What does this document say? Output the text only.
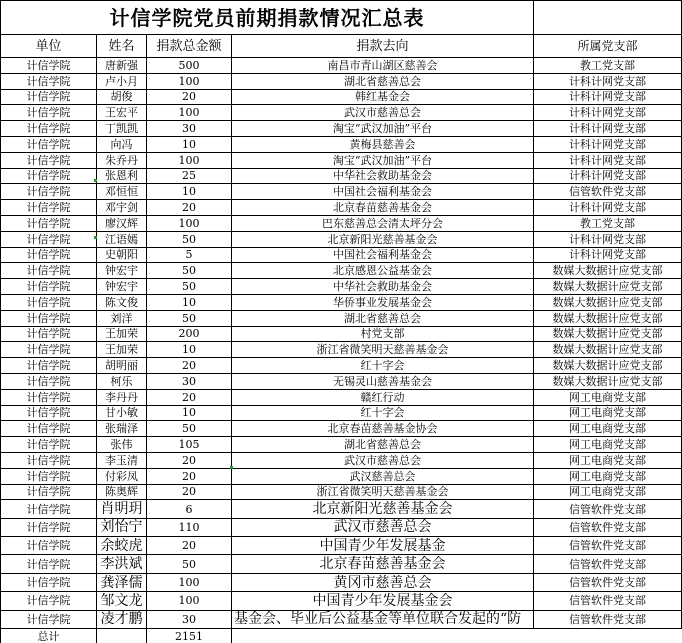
计信学院党员前期捐款情况汇总表				
单位	姓名	捐款总金额	捐款去向	所属党支部
计信学院	唐新强	500	南昌市青山湖区慈善会	教工党支部
计信学院	卢小月	100	湖北省慈善总会	计科计网党支部
计信学院	胡俊	20	韩红基金会	计科计网党支部
计信学院	王宏平	100	武汉市慈善总会	计科计网党支部
计信学院	丁凯凯	30	淘宝“武汉加油”平台	计科计网党支部
计信学院	向冯	10	黄梅县慈善会	计科计网党支部
计信学院	朱乔丹	100	淘宝“武汉加油”平台	计科计网党支部
计信学院	张恩利	25	中华社会救助基金会	计科计网党支部
计信学院	邓恒恒	10	中国社会福利基金会	信管软件党支部
计信学院	邓宇剑	20	北京春苗慈善基金会	计科计网党支部
计信学院	廖汉辉	100	巴东慈善总会清太坪分会	教工党支部
计信学院	江语嫣	50	北京新阳光慈善基金会	计科计网党支部
计信学院	史朝阳	5	中国社会福利基金会	计科计网党支部
计信学院	钟宏宇	50	北京感恩公益基金会	数媒大数据计应党支部
计信学院	钟宏宇	50	中华社会救助基金会	数媒大数据计应党支部
计信学院	陈文俊	10	华侨事业发展基金会	数媒大数据计应党支部
计信学院	刘洋	50	湖北省慈善总会	数媒大数据计应党支部
计信学院	王加荣	200	村党支部	数媒大数据计应党支部
计信学院	王加荣	10	浙江省微笑明天慈善基金会	数媒大数据计应党支部
计信学院	胡明丽	20	红十字会	数媒大数据计应党支部
计信学院	柯乐	30	无锡灵山慈善基金会	数媒大数据计应党支部
计信学院	李丹丹	20	赣红行动	网工电商党支部
计信学院	甘小敏	10	红十字会	网工电商党支部
计信学院	张瑞泽	50	北京春苗慈善基金协会	网工电商党支部
计信学院	张伟	105	湖北省慈善总会	网工电商党支部
计信学院	李玉清	20	武汉市慈善总会	网工电商党支部
计信学院	付彩凤	20	武汉慈善总会	网工电商党支部
计信学院	陈奥辉	20	浙江省微笑明天慈善基金会	网工电商党支部
计信学院	肖明玥	6	北京新阳光慈善基金会	信管软件党支部
计信学院	刘怡宁	110	武汉市慈善总会	信管软件党支部
计信学院	余蛟虎	20	中国青少年发展基金	信管软件党支部
计信学院	李洪斌	50	北京春苗慈善基金会	信管软件党支部
计信学院	龚泽儒	100	黄冈市慈善总会	信管软件党支部
计信学院	邹文龙	100	中国青少年发展基金会	信管软件党支部
计信学院	凌才鹏	30	基金会、毕业后公益基金等单位联合发起的“防	信管软件党支部
总计		2151		
